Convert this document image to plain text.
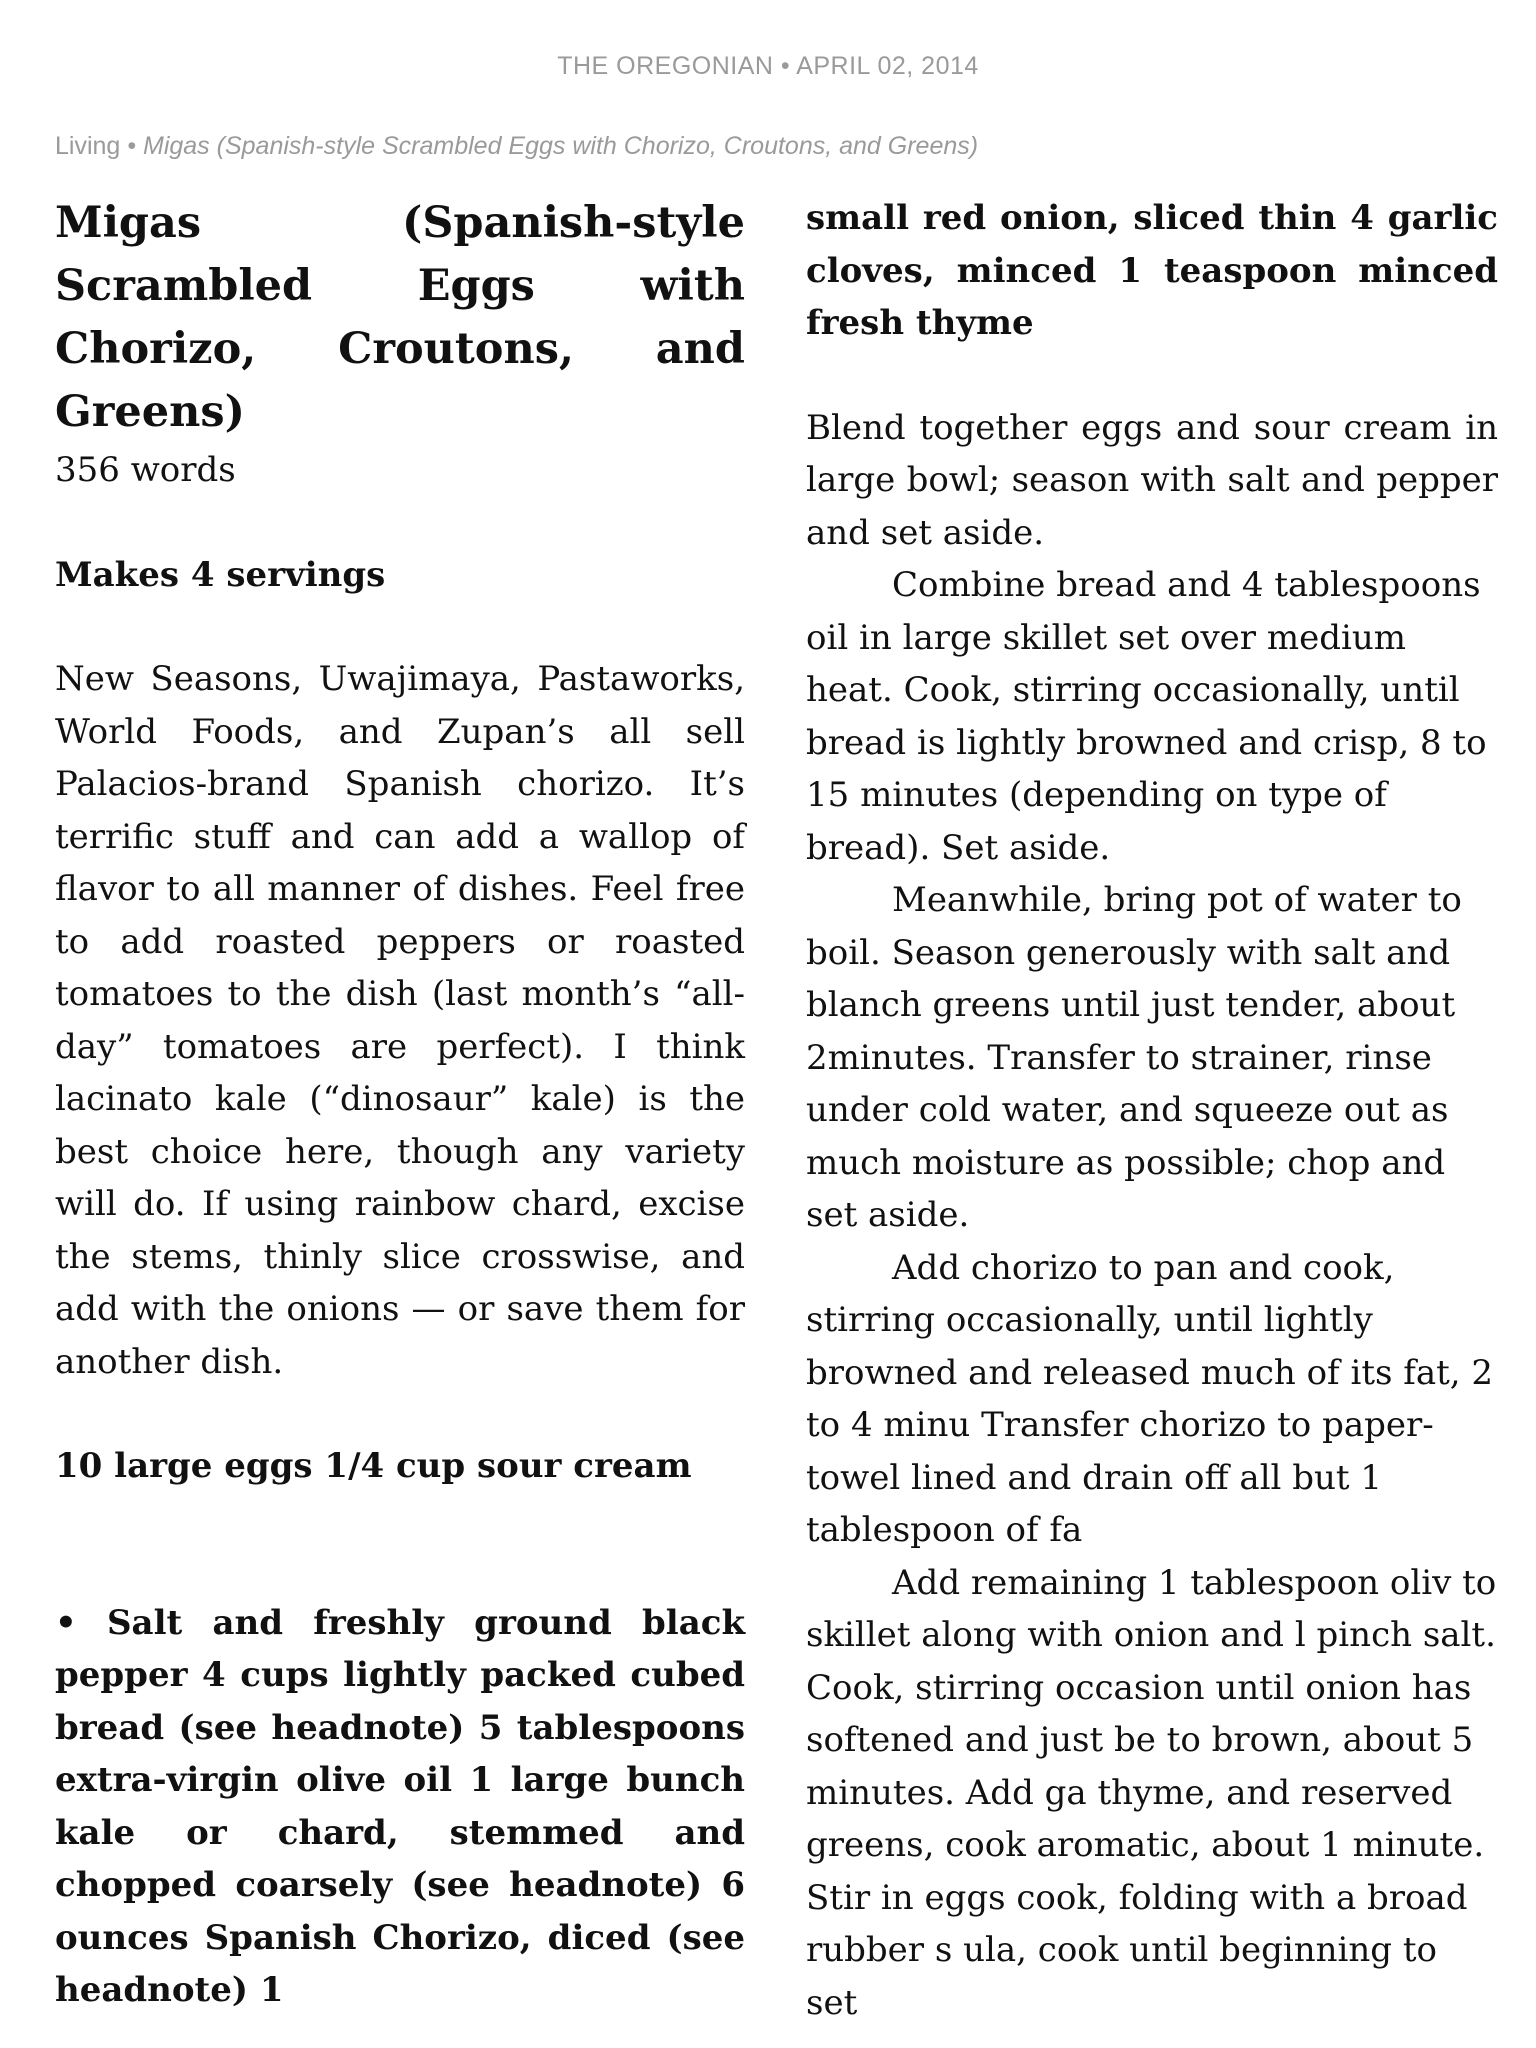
THE OREGONIAN • APRIL 02, 2014
Living • Migas (Spanish-style Scrambled Eggs with Chorizo, Croutons, and Greens)
Migas (Spanish-style Scrambled Eggs with Chorizo, Croutons, and Greens)

356 words

Makes 4 servings

New Seasons, Uwajimaya, Pastaworks, World Foods, and Zupan’s all sell Palacios-brand Spanish chorizo. It’s terrific stuff and can add a wallop of flavor to all manner of dishes. Feel free to add roasted peppers or roasted tomatoes to the dish (last month’s “all-day” tomatoes are perfect). I think lacinato kale (“dinosaur” kale) is the best choice here, though any variety will do. If using rainbow chard, excise the stems, thinly slice crosswise, and add with the onions — or save them for another dish.

10 large eggs 1/4 cup sour cream

• Salt and freshly ground black pepper 4 cups lightly packed cubed bread (see headnote) 5 tablespoons extra-virgin olive oil 1 large bunch kale or chard, stemmed and chopped coarsely (see headnote) 6 ounces Spanish Chorizo, diced (see headnote) 1

small red onion, sliced thin 4 garlic cloves, minced 1 teaspoon minced fresh thyme

Blend together eggs and sour cream in large bowl; season with salt and pepper and set aside.

Combine bread and 4 tablespoons oil in large skillet set over medium heat. Cook, stirring occasionally, until bread is lightly browned and crisp, 8 to 15 minutes (depending on type of bread). Set aside.

Meanwhile, bring pot of water to boil. Season generously with salt and blanch greens until just tender, about 2minutes. Transfer to strainer, rinse under cold water, and squeeze out as much moisture as possible; chop and set aside.

Add chorizo to pan and cook, stirring occasionally, until lightly browned and released much of its fat, 2 to 4 minu Transfer chorizo to paper-towel lined and drain off all but 1 tablespoon of fa

Add remaining 1 tablespoon oliv to skillet along with onion and l pinch salt. Cook, stirring occasion until onion has softened and just be to brown, about 5 minutes. Add ga thyme, and reserved greens, cook aromatic, about 1 minute. Stir in eggs cook, folding with a broad rubber s ula, cook until beginning to set
